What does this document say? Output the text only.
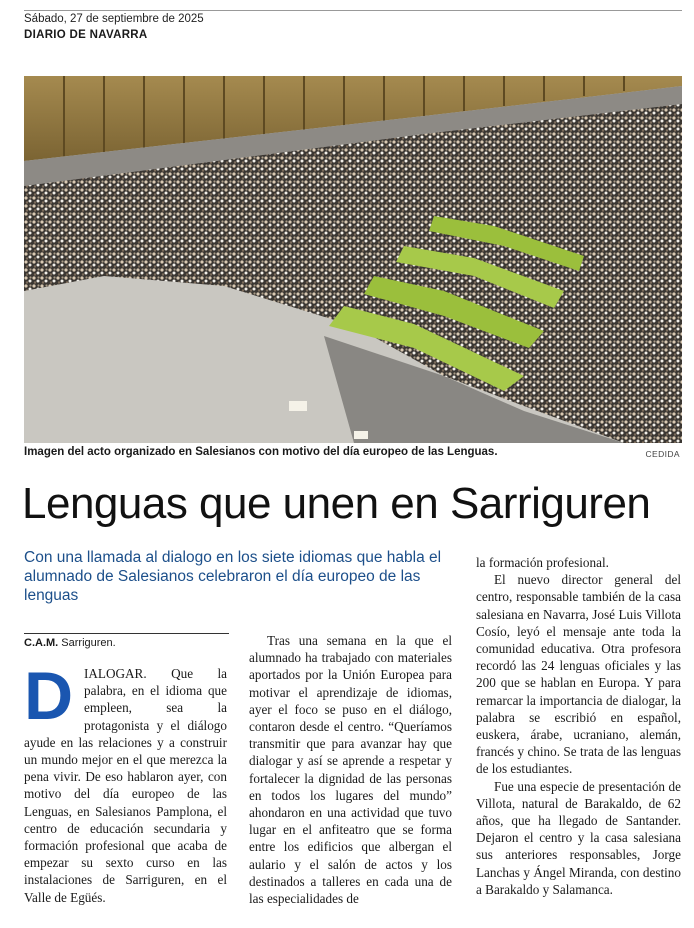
Sábado, 27 de septiembre de 2025
DIARIO DE NAVARRA
Imagen del acto organizado en Salesianos con motivo del día europeo de las Lenguas.	CEDIDA
Lenguas que unen en Sarriguren
Con una llamada al dialogo en los siete idiomas que habla el alumnado de Salesianos celebraron el día europeo de las lenguas
C.A.M. Sarriguren.
D IALOGAR. Que la palabra, en el idioma que empleen, sea la protagonista y el diálogo ayude en las relaciones y a construir un mundo mejor en el que merezca la pena vivir. De eso hablaron ayer, con motivo del día europeo de las Lenguas, en Salesianos Pamplona, el centro de educación secundaria y formación profesional que acaba de empezar su sexto curso en las instalaciones de Sarriguren, en el Valle de Egüés.

Tras una semana en la que el alumnado ha trabajado con materiales aportados por la Unión Europea para motivar el aprendizaje de idiomas, ayer el foco se puso en el diálogo, contaron desde el centro. “Queríamos transmitir que para avanzar hay que dialogar y así se aprende a respetar y fortalecer la dignidad de las personas en todos los lugares del mundo” ahondaron en una actividad que tuvo lugar en el anfiteatro que se forma entre los edificios que albergan el aulario y el salón de actos y los destinados a talleres en cada una de las especialidades de

la formación profesional.

El nuevo director general del centro, responsable también de la casa salesiana en Navarra, José Luis Villota Cosío, leyó el mensaje ante toda la comunidad educativa. Otra profesora recordó las 24 lenguas oficiales y las 200 que se hablan en Europa. Y para remarcar la importancia de dialogar, la palabra se escribió en español, euskera, árabe, ucraniano, alemán, francés y chino. Se trata de las lenguas de los estudiantes.

Fue una especie de presentación de Villota, natural de Barakaldo, de 62 años, que ha llegado de Santander. Dejaron el centro y la casa salesiana sus anteriores responsables, Jorge Lanchas y Ángel Miranda, con destino a Barakaldo y Salamanca.
